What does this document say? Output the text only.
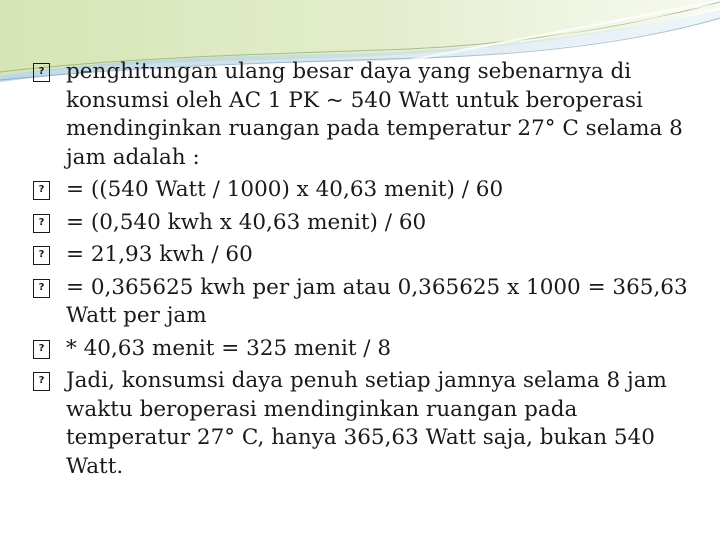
?
penghitungan ulang besar daya yang sebenarnya di konsumsi oleh AC 1 PK ~ 540 Watt untuk beroperasi mendinginkan ruangan pada temperatur 27° C selama 8 jam adalah :
?
= ((540 Watt / 1000) x 40,63 menit) / 60
?
= (0,540 kwh x 40,63 menit) / 60
?
= 21,93 kwh / 60
?
= 0,365625 kwh per jam atau 0,365625 x 1000 = 365,63 Watt per jam
?
* 40,63 menit = 325 menit / 8
?
Jadi, konsumsi daya penuh setiap jamnya selama 8 jam waktu beroperasi mendinginkan ruangan pada temperatur 27° C, hanya 365,63 Watt saja, bukan 540 Watt.
